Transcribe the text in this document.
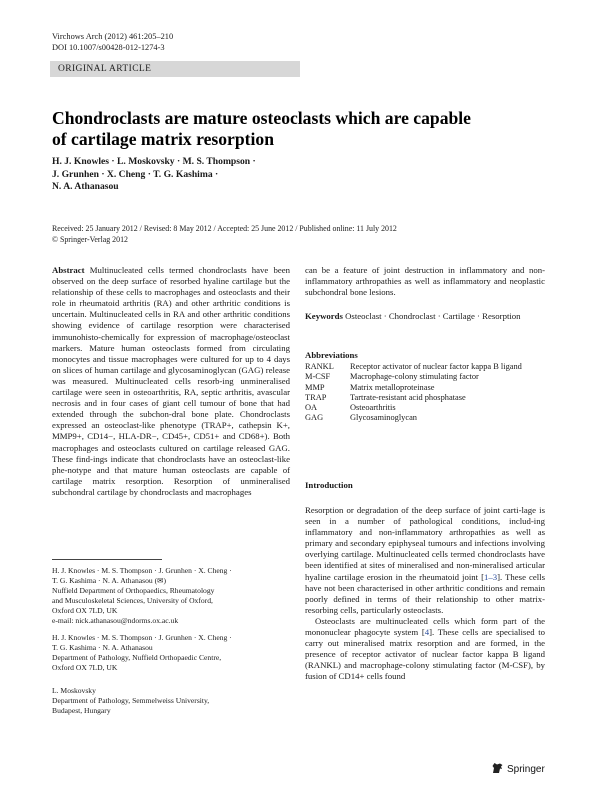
Virchows Arch (2012) 461:205–210
DOI 10.1007/s00428-012-1274-3
ORIGINAL ARTICLE
Chondroclasts are mature osteoclasts which are capable
of cartilage matrix resorption
H. J. Knowles · L. Moskovsky · M. S. Thompson ·
J. Grunhen · X. Cheng · T. G. Kashima ·
N. A. Athanasou
Received: 25 January 2012 / Revised: 8 May 2012 / Accepted: 25 June 2012 / Published online: 11 July 2012
© Springer-Verlag 2012
Abstract Multinucleated cells termed chondroclasts have been observed on the deep surface of resorbed hyaline cartilage but the relationship of these cells to macrophages and osteoclasts and their role in rheumatoid arthritis (RA) and other arthritic conditions is uncertain. Multinucleated cells in RA and other arthritic conditions showing evidence of cartilage resorption were characterised immunohisto-chemically for expression of macrophage/osteoclast markers. Mature human osteoclasts formed from circulating monocytes and tissue macrophages were cultured for up to 4 days on slices of human cartilage and glycosaminoglycan (GAG) release was measured. Multinucleated cells resorb-ing unmineralised cartilage were seen in osteoarthritis, RA, septic arthritis, avascular necrosis and in four cases of giant cell tumour of bone that had extended through the subchon-dral bone plate. Chondroclasts expressed an osteoclast-like phenotype (TRAP+, cathepsin K+, MMP9+, CD14−, HLA-DR−, CD45+, CD51+ and CD68+). Both macrophages and osteoclasts cultured on cartilage released GAG. These find-ings indicate that chondroclasts have an osteoclast-like phe-notype and that mature human osteoclasts are capable of cartilage matrix resorption. Resorption of unmineralised subchondral cartilage by chondroclasts and macrophages
H. J. Knowles · M. S. Thompson · J. Grunhen · X. Cheng ·
T. G. Kashima · N. A. Athanasou (✉)
Nuffield Department of Orthopaedics, Rheumatology
and Musculoskeletal Sciences, University of Oxford,
Oxford OX 7LD, UK
e-mail: nick.athanasou@ndorms.ox.ac.uk
H. J. Knowles · M. S. Thompson · J. Grunhen · X. Cheng ·
T. G. Kashima · N. A. Athanasou
Department of Pathology, Nuffield Orthopaedic Centre,
Oxford OX 7LD, UK
L. Moskovsky
Department of Pathology, Semmelweiss University,
Budapest, Hungary
can be a feature of joint destruction in inflammatory and non-inflammatory arthropathies as well as inflammatory and neoplastic subchondral bone lesions.
Keywords Osteoclast · Chondroclast · Cartilage · Resorption
Abbreviations
RANKL	Receptor activator of nuclear factor kappa B ligand
M-CSF	Macrophage-colony stimulating factor
MMP	Matrix metalloproteinase
TRAP	Tartrate-resistant acid phosphatase
OA	Osteoarthritis
GAG	Glycosaminoglycan
Introduction

Resorption or degradation of the deep surface of joint carti-lage is seen in a number of pathological conditions, includ-ing inflammatory and non-inflammatory arthropathies as well as primary and secondary epiphyseal tumours and infections involving overlying cartilage. Multinucleated cells termed chondroclasts have been identified at sites of mineralised and non-mineralised articular hyaline cartilage erosion in the rheumatoid joint [1–3]. These cells have not been characterised in other arthritic conditions and remain poorly defined in terms of their relationship to other matrix-resorbing cells, particularly osteoclasts.

Osteoclasts are multinucleated cells which form part of the mononuclear phagocyte system [4]. These cells are specialised to carry out mineralised matrix resorption and are formed, in the presence of receptor activator of nuclear factor kappa B ligand (RANKL) and macrophage-colony stimulating factor (M-CSF), by fusion of CD14+ cells found

Springer
